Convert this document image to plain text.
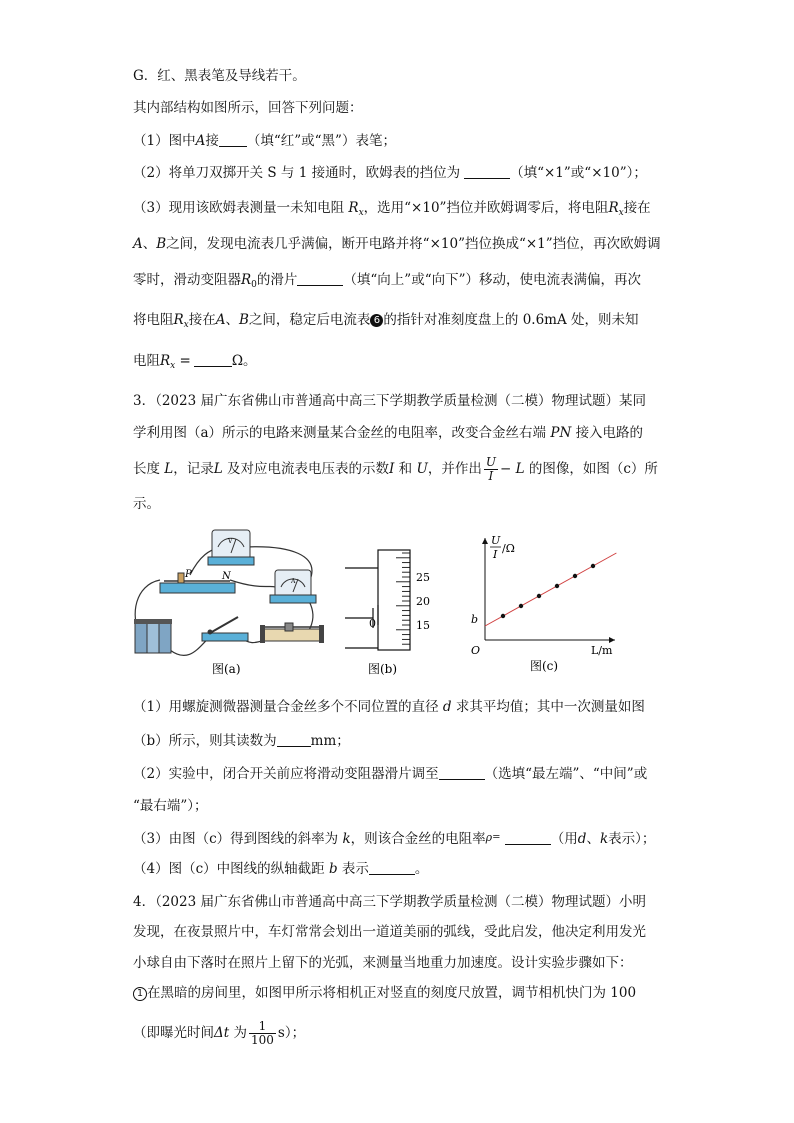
G．红、黑表笔及导线若干。
其内部结构如图所示，回答下列问题：
（1）图中A接 （填“红”或“黑”）表笔；
（2）将单刀双掷开关 S 与 1 接通时，欧姆表的挡位为	（填“×1”或“×10”）；
（3）现用该欧姆表测量一未知电阻 $R_x$，选用“×10”挡位并欧姆调零后，将电阻$R_x$接在
A、B之间，发现电流表几乎满偏，断开电路并将“×10”挡位换成“×1”挡位，再次欧姆调
零时，滑动变阻器$R_0$的滑片	（填“向上”或“向下”）移动，使电流表满偏，再次
将电阻$R_x$接在A、B之间，稳定后电流表 6 的指针对准刻度盘上的 0.6mA 处，则未知
电阻$R_x$ =	Ω。
3．（2023 届广东省佛山市普通高中高三下学期教学质量检测（二模）物理试题）某同
学利用图（a）所示的电路来测量某合金丝的电阻率，改变合金丝右端 PN 接入电路的
长度 L，记录L 及对应电流表电压表的示数I 和 U，并作出 $\frac{U}{I} - L$ 的图像，如图（c）所
示。
V
A
P	N
图(a)
0
25
20
15
图(b)
U
I /Ω
O
b
L/m
图(c)
（1）用螺旋测微器测量合金丝多个不同位置的直径 d 求其平均值；其中一次测量如图
（b）所示，则其读数为	mm；
（2）实验中，闭合开关前应将滑动变阻器滑片调至	（选填“最左端”、“中间”或
“最右端”）；
（3）由图（c）得到图线的斜率为 k，则该合金丝的电阻率ρ=	（用d、k表示）；
（4）图（c）中图线的纵轴截距 b 表示	。
4．（2023 届广东省佛山市普通高中高三下学期教学质量检测（二模）物理试题）小明
发现，在夜景照片中，车灯常常会划出一道道美丽的弧线，受此启发，他决定利用发光
小球自由下落时在照片上留下的光弧，来测量当地重力加速度。设计实验步骤如下：
1 在黑暗的房间里，如图甲所示将相机正对竖直的刻度尺放置，调节相机快门为 100
（即曝光时间Δt 为 $\frac{1}{100} s$）；
